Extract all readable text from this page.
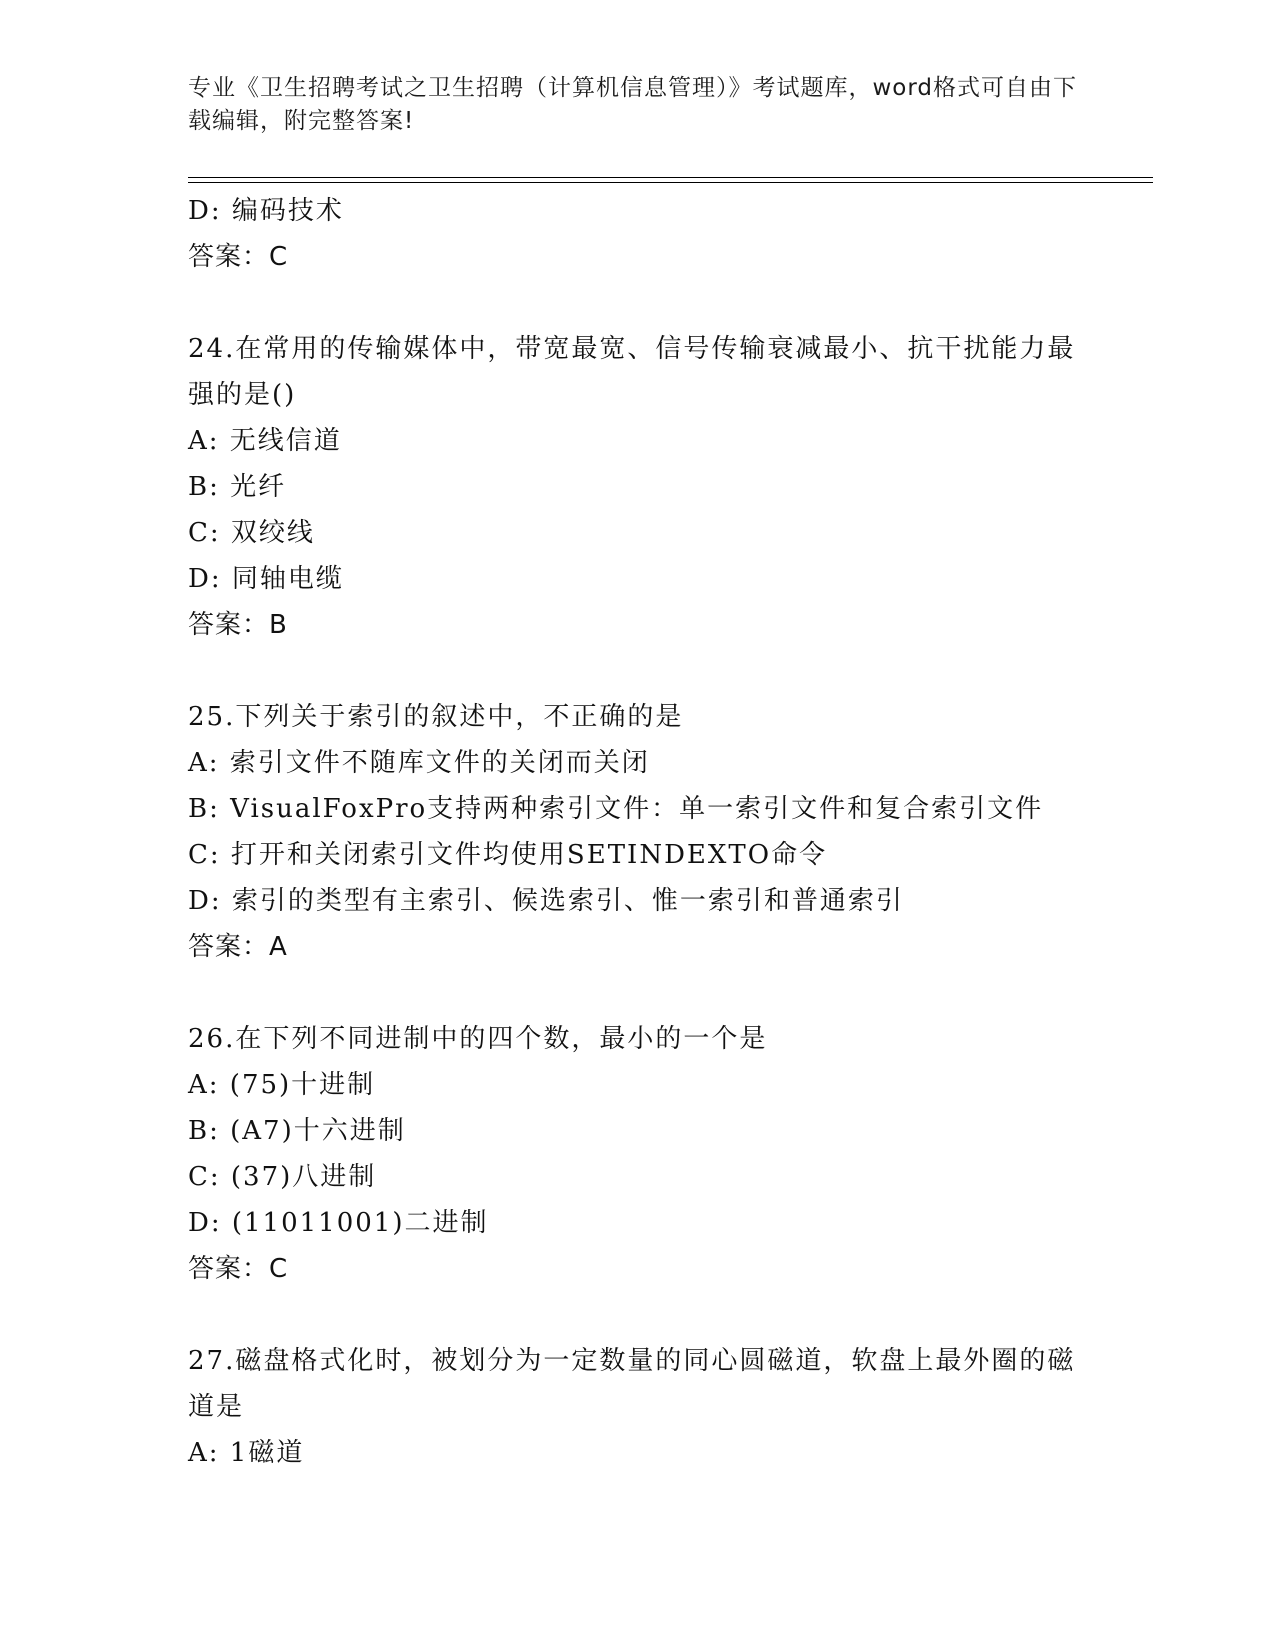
专业《卫生招聘考试之卫生招聘（计算机信息管理）》考试题库，word格式可自由下载编辑，附完整答案!
D: 编码技术
答案：C
24.在常用的传输媒体中，带宽最宽、信号传输衰减最小、抗干扰能力最强的是()
A: 无线信道
B: 光纤
C: 双绞线
D: 同轴电缆
答案：B
25.下列关于索引的叙述中，不正确的是
A: 索引文件不随库文件的关闭而关闭
B: VisualFoxPro支持两种索引文件：单一索引文件和复合索引文件
C: 打开和关闭索引文件均使用SETINDEXTO命令
D: 索引的类型有主索引、候选索引、惟一索引和普通索引
答案：A
26.在下列不同进制中的四个数，最小的一个是
A: (75)十进制
B: (A7)十六进制
C: (37)八进制
D: (11011001)二进制
答案：C
27.磁盘格式化时，被划分为一定数量的同心圆磁道，软盘上最外圈的磁道是
A: 1磁道
